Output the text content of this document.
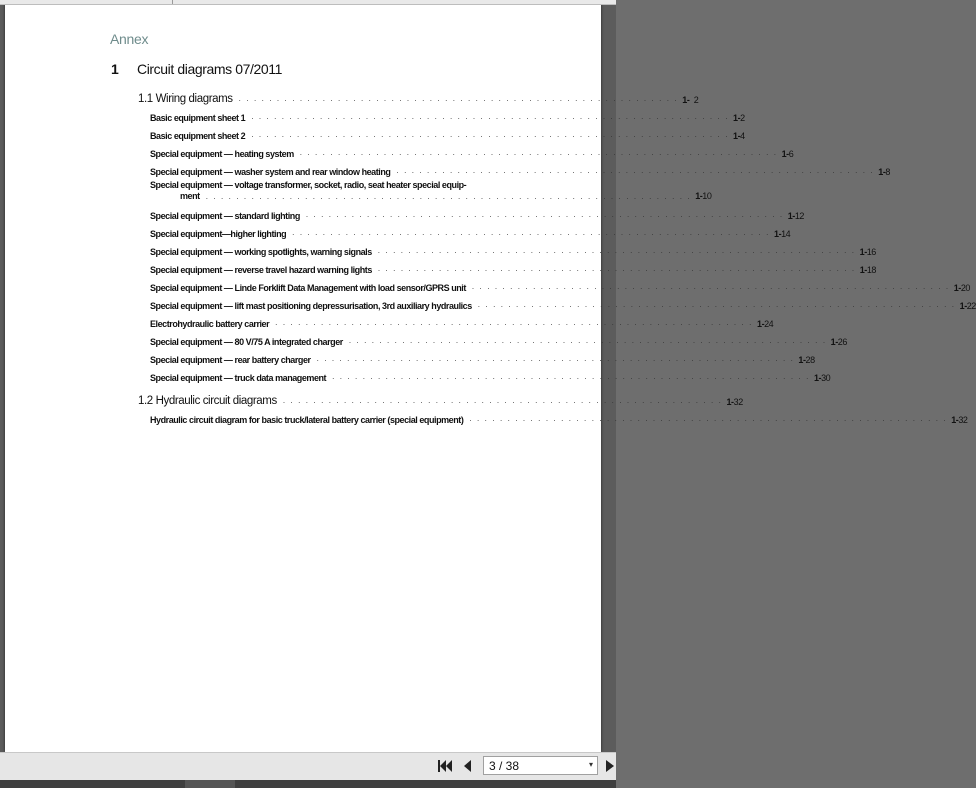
Annex
1 Circuit diagrams 07/2011
1.1 Wiring diagrams . . . . . . . . . . . . . . . . . . . . . . . . . . . . . . . . . . . . . . . . . . . . . . . . . . . . . . . . . . 1- 2
Basic equipment sheet 1 . . . . . . . . . . . . . . . . . . . . . . . . . . . . . . . . . . . . . . . . . . . . . . . . . . . . . . . . . . . . . . . 1-2
Basic equipment sheet 2 . . . . . . . . . . . . . . . . . . . . . . . . . . . . . . . . . . . . . . . . . . . . . . . . . . . . . . . . . . . . . . . 1-4
Special equipment — heating system . . . . . . . . . . . . . . . . . . . . . . . . . . . . . . . . . . . . . . . . . . . . . . . . . . . . . . . . . . . . . . . 1-6
Special equipment — washer system and rear window heating . . . . . . . . . . . . . . . . . . . . . . . . . . . . . . . . . . . . . . . . . . . . . . . . . . . . . . . . . . . . . . . 1-8
Special equipment — voltage transformer, socket, radio, seat heater special equip-
ment . . . . . . . . . . . . . . . . . . . . . . . . . . . . . . . . . . . . . . . . . . . . . . . . . . . . . . . . . . . . . . . . 1-10
Special equipment — standard lighting . . . . . . . . . . . . . . . . . . . . . . . . . . . . . . . . . . . . . . . . . . . . . . . . . . . . . . . . . . . . . . . 1-12
Special equipment—higher lighting . . . . . . . . . . . . . . . . . . . . . . . . . . . . . . . . . . . . . . . . . . . . . . . . . . . . . . . . . . . . . . . 1-14
Special equipment — working spotlights, warning signals . . . . . . . . . . . . . . . . . . . . . . . . . . . . . . . . . . . . . . . . . . . . . . . . . . . . . . . . . . . . . . . 1-16
Special equipment — reverse travel hazard warning lights . . . . . . . . . . . . . . . . . . . . . . . . . . . . . . . . . . . . . . . . . . . . . . . . . . . . . . . . . . . . . . . 1-18
Special equipment — Linde Forklift Data Management with load sensor/GPRS unit . . . . . . . . . . . . . . . . . . . . . . . . . . . . . . . . . . . . . . . . . . . . . . . . . . . . . . . . . . . . . . . 1-20
Special equipment — lift mast positioning depressurisation, 3rd auxiliary hydraulics . . . . . . . . . . . . . . . . . . . . . . . . . . . . . . . . . . . . . . . . . . . . . . . . . . . . . . . . . . . . . . . 1-22
Electrohydraulic battery carrier . . . . . . . . . . . . . . . . . . . . . . . . . . . . . . . . . . . . . . . . . . . . . . . . . . . . . . . . . . . . . . . 1-24
Special equipment — 80 V/75 A integrated charger . . . . . . . . . . . . . . . . . . . . . . . . . . . . . . . . . . . . . . . . . . . . . . . . . . . . . . . . . . . . . . . 1-26
Special equipment — rear battery charger . . . . . . . . . . . . . . . . . . . . . . . . . . . . . . . . . . . . . . . . . . . . . . . . . . . . . . . . . . . . . . . 1-28
Special equipment — truck data management . . . . . . . . . . . . . . . . . . . . . . . . . . . . . . . . . . . . . . . . . . . . . . . . . . . . . . . . . . . . . . . 1-30
1.2 Hydraulic circuit diagrams . . . . . . . . . . . . . . . . . . . . . . . . . . . . . . . . . . . . . . . . . . . . . . . . . . . . . . . . . . 1-32
Hydraulic circuit diagram for basic truck/lateral battery carrier (special equipment) . . . . . . . . . . . . . . . . . . . . . . . . . . . . . . . . . . . . . . . . . . . . . . . . . . . . . . . . . . . . . . . 1-32
3 / 38	▾
